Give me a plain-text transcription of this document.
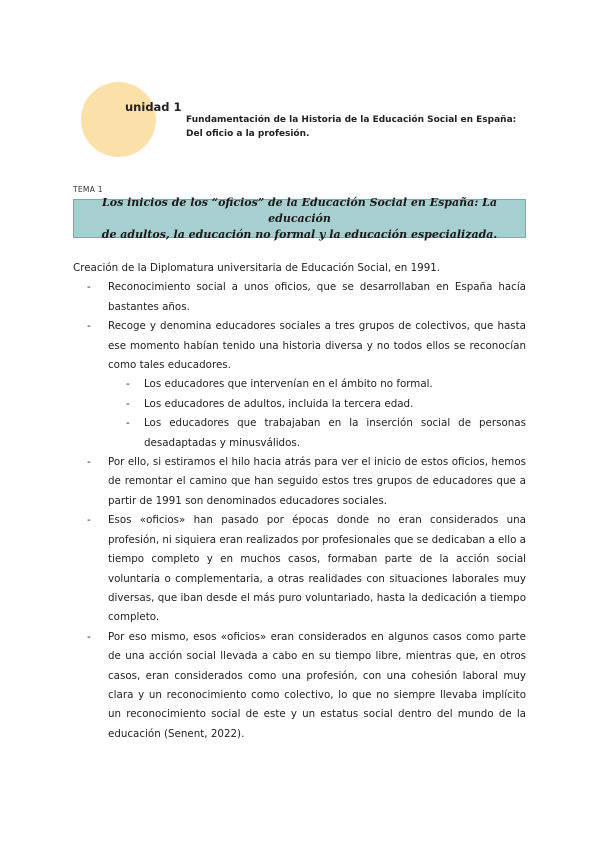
unidad 1
Fundamentación de la Historia de la Educación Social en España:
Del oficio a la profesión.
TEMA 1
Los inicios de los “oficios” de la Educación Social en España: La educación
de adultos, la educación no formal y la educación especializada.

Creación de la Diplomatura universitaria de Educación Social, en 1991.

- Reconocimiento social a unos oficios, que se desarrollaban en España hacía bastantes años.
- Recoge y denomina educadores sociales a tres grupos de colectivos, que hasta ese momento habían tenido una historia diversa y no todos ellos se reconocían como tales educadores.
- Los educadores que intervenían en el ámbito no formal.
- Los educadores de adultos, incluida la tercera edad.
- Los educadores que trabajaban en la inserción social de personas desadaptadas y minusválidos.
- Por ello, si estiramos el hilo hacia atrás para ver el inicio de estos oficios, hemos de remontar el camino que han seguido estos tres grupos de educadores que a partir de 1991 son denominados educadores sociales.
- Esos «oficios» han pasado por épocas donde no eran considerados una profesión, ni siquiera eran realizados por profesionales que se dedicaban a ello a tiempo completo y en muchos casos, formaban parte de la acción social voluntaria o complementaria, a otras realidades con situaciones laborales muy diversas, que iban desde el más puro voluntariado, hasta la dedicación a tiempo completo.
- Por eso mismo, esos «oficios» eran considerados en algunos casos como parte de una acción social llevada a cabo en su tiempo libre, mientras que, en otros casos, eran considerados como una profesión, con una cohesión laboral muy clara y un reconocimiento como colectivo, lo que no siempre llevaba implícito un reconocimiento social de este y un estatus social dentro del mundo de la educación (Senent, 2022).
